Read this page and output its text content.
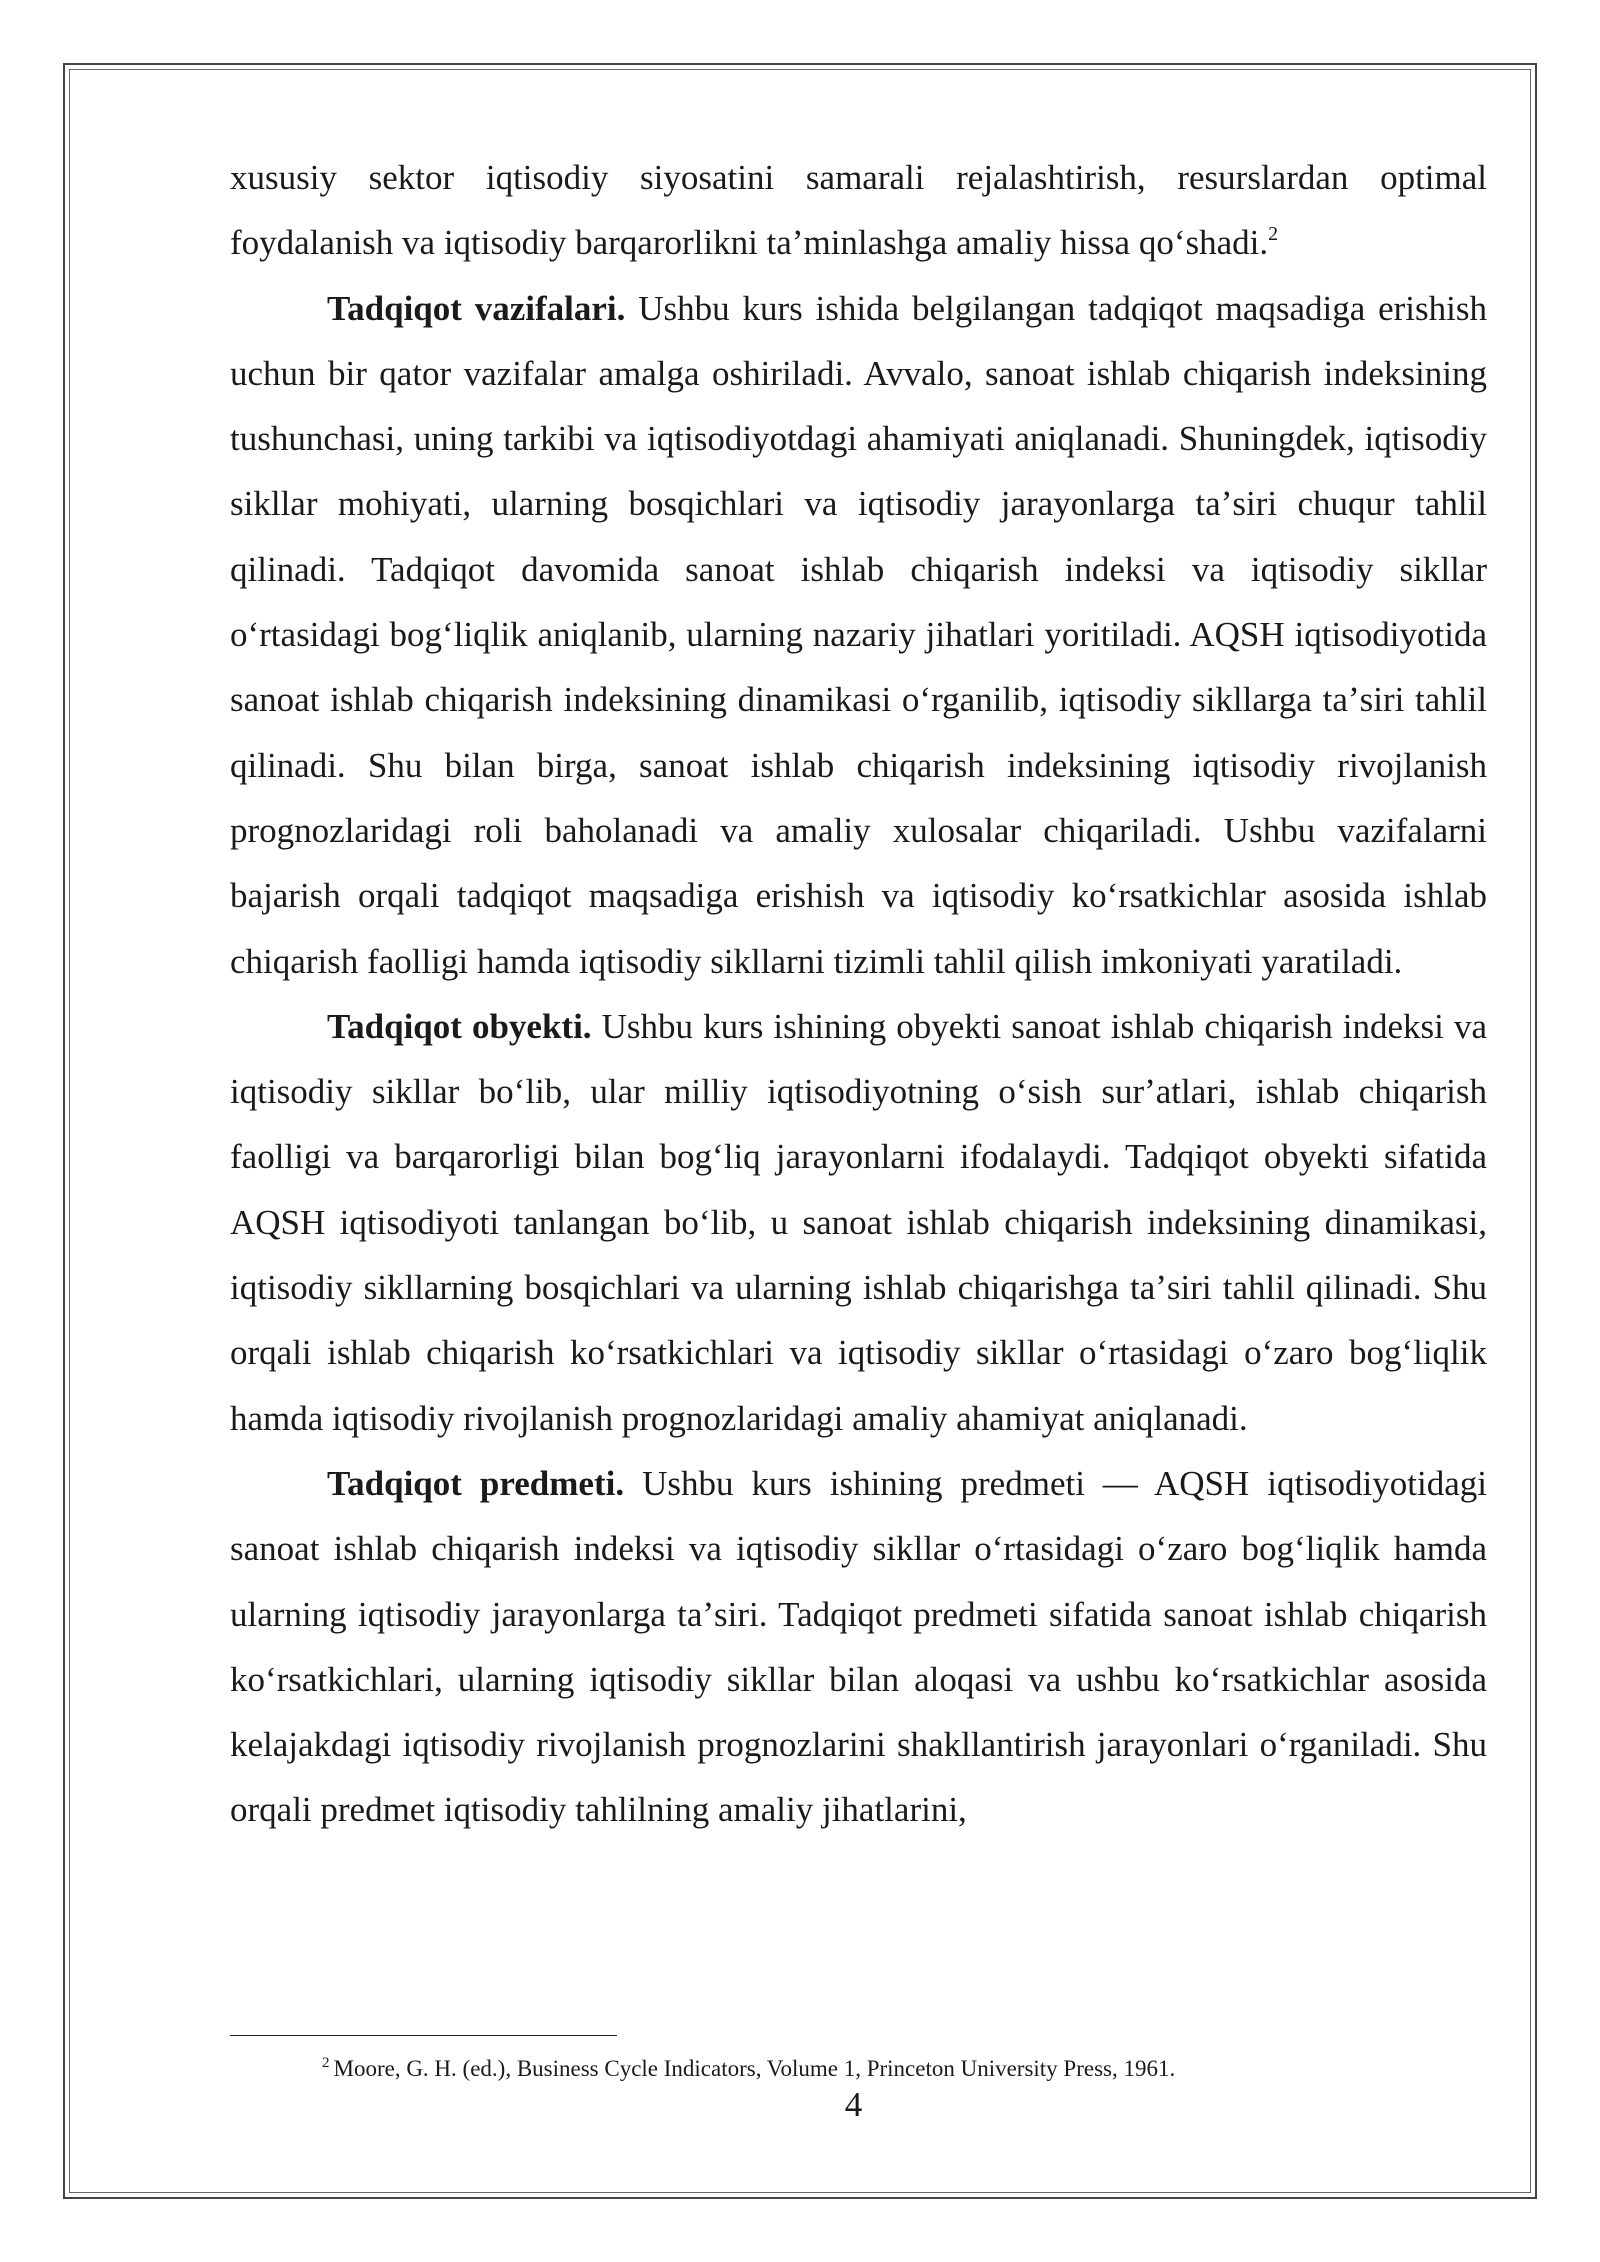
xususiy sektor iqtisodiy siyosatini samarali rejalashtirish, resurslardan optimal foydalanish va iqtisodiy barqarorlikni taʼminlashga amaliy hissa qoʻshadi.$^2$

Tadqiqot vazifalari. Ushbu kurs ishida belgilangan tadqiqot maqsadiga erishish uchun bir qator vazifalar amalga oshiriladi. Avvalo, sanoat ishlab chiqarish indeksining tushunchasi, uning tarkibi va iqtisodiyotdagi ahamiyati aniqlanadi. Shuningdek, iqtisodiy sikllar mohiyati, ularning bosqichlari va iqtisodiy jarayonlarga taʼsiri chuqur tahlil qilinadi. Tadqiqot davomida sanoat ishlab chiqarish indeksi va iqtisodiy sikllar oʻrtasidagi bogʻliqlik aniqlanib, ularning nazariy jihatlari yoritiladi. AQSH iqtisodiyotida sanoat ishlab chiqarish indeksining dinamikasi oʻrganilib, iqtisodiy sikllarga taʼsiri tahlil qilinadi. Shu bilan birga, sanoat ishlab chiqarish indeksining iqtisodiy rivojlanish prognozlaridagi roli baholanadi va amaliy xulosalar chiqariladi. Ushbu vazifalarni bajarish orqali tadqiqot maqsadiga erishish va iqtisodiy koʻrsatkichlar asosida ishlab chiqarish faolligi hamda iqtisodiy sikllarni tizimli tahlil qilish imkoniyati yaratiladi.

Tadqiqot obyekti. Ushbu kurs ishining obyekti sanoat ishlab chiqarish indeksi va iqtisodiy sikllar boʻlib, ular milliy iqtisodiyotning oʻsish surʼatlari, ishlab chiqarish faolligi va barqarorligi bilan bogʻliq jarayonlarni ifodalaydi. Tadqiqot obyekti sifatida AQSH iqtisodiyoti tanlangan boʻlib, u sanoat ishlab chiqarish indeksining dinamikasi, iqtisodiy sikllarning bosqichlari va ularning ishlab chiqarishga taʼsiri tahlil qilinadi. Shu orqali ishlab chiqarish koʻrsatkichlari va iqtisodiy sikllar oʻrtasidagi oʻzaro bogʻliqlik hamda iqtisodiy rivojlanish prognozlaridagi amaliy ahamiyat aniqlanadi.

Tadqiqot predmeti. Ushbu kurs ishining predmeti — AQSH iqtisodiyotidagi sanoat ishlab chiqarish indeksi va iqtisodiy sikllar oʻrtasidagi oʻzaro bogʻliqlik hamda ularning iqtisodiy jarayonlarga taʼsiri. Tadqiqot predmeti sifatida sanoat ishlab chiqarish koʻrsatkichlari, ularning iqtisodiy sikllar bilan aloqasi va ushbu koʻrsatkichlar asosida kelajakdagi iqtisodiy rivojlanish prognozlarini shakllantirish jarayonlari oʻrganiladi. Shu orqali predmet iqtisodiy tahlilning amaliy jihatlarini,

$^2$ Moore, G. H. (ed.), Business Cycle Indicators, Volume 1, Princeton University Press, 1961.
4
